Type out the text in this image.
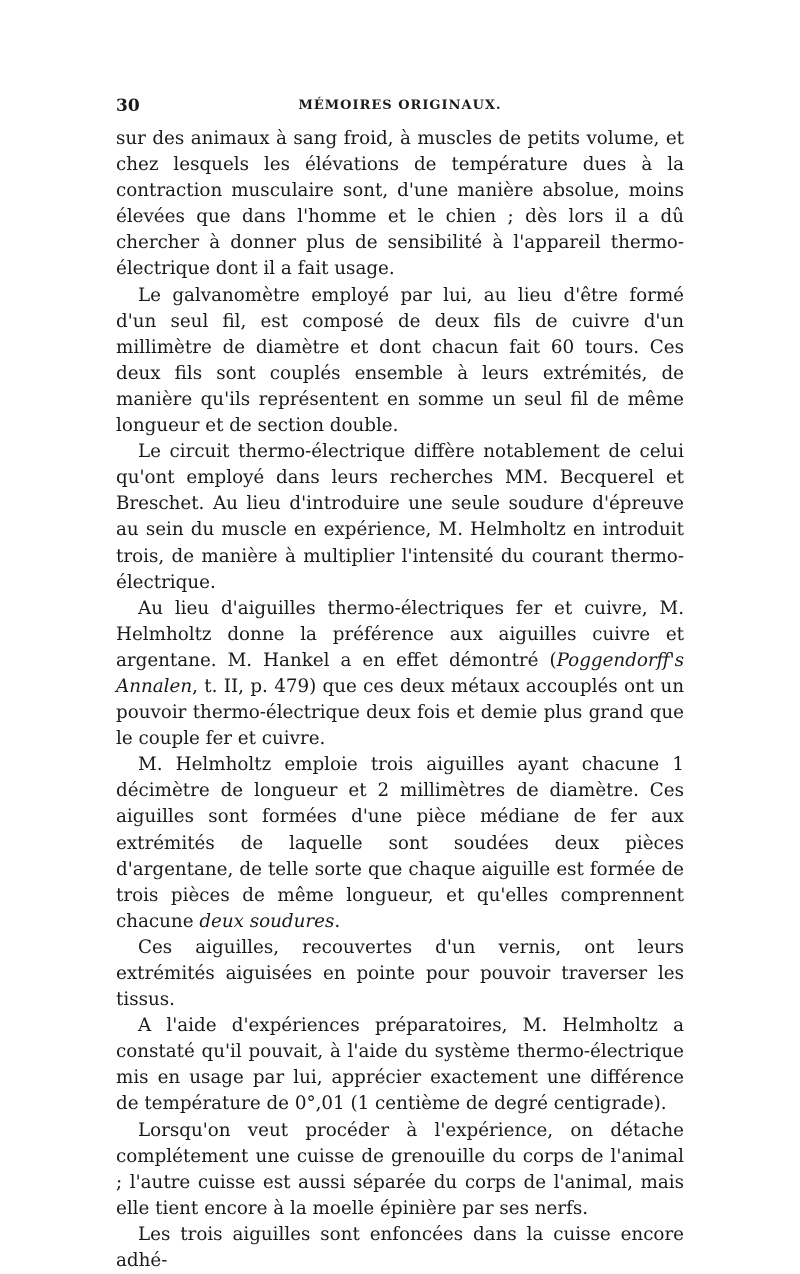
30	MÉMOIRES ORIGINAUX.

sur des animaux à sang froid, à muscles de petits volume, et chez lesquels les élévations de température dues à la contraction musculaire sont, d'une manière absolue, moins élevées que dans l'homme et le chien ; dès lors il a dû chercher à donner plus de sensibilité à l'appareil thermo-électrique dont il a fait usage.

Le galvanomètre employé par lui, au lieu d'être formé d'un seul fil, est composé de deux fils de cuivre d'un millimètre de diamètre et dont chacun fait 60 tours. Ces deux fils sont couplés ensemble à leurs extrémités, de manière qu'ils représentent en somme un seul fil de même longueur et de section double.

Le circuit thermo-électrique diffère notablement de celui qu'ont employé dans leurs recherches MM. Becquerel et Breschet. Au lieu d'introduire une seule soudure d'épreuve au sein du muscle en expérience, M. Helmholtz en introduit trois, de manière à multiplier l'intensité du courant thermo-électrique.

Au lieu d'aiguilles thermo-électriques fer et cuivre, M. Helmholtz donne la préférence aux aiguilles cuivre et argentane. M. Hankel a en effet démontré (Poggendorff's Annalen, t. II, p. 479) que ces deux métaux accouplés ont un pouvoir thermo-électrique deux fois et demie plus grand que le couple fer et cuivre.

M. Helmholtz emploie trois aiguilles ayant chacune 1 décimètre de longueur et 2 millimètres de diamètre. Ces aiguilles sont formées d'une pièce médiane de fer aux extrémités de laquelle sont soudées deux pièces d'argentane, de telle sorte que chaque aiguille est formée de trois pièces de même longueur, et qu'elles comprennent chacune deux soudures.

Ces aiguilles, recouvertes d'un vernis, ont leurs extrémités aiguisées en pointe pour pouvoir traverser les tissus.

A l'aide d'expériences préparatoires, M. Helmholtz a constaté qu'il pouvait, à l'aide du système thermo-électrique mis en usage par lui, apprécier exactement une différence de température de 0°,01 (1 centième de degré centigrade).

Lorsqu'on veut procéder à l'expérience, on détache complétement une cuisse de grenouille du corps de l'animal ; l'autre cuisse est aussi séparée du corps de l'animal, mais elle tient encore à la moelle épinière par ses nerfs.

Les trois aiguilles sont enfoncées dans la cuisse encore adhé-
